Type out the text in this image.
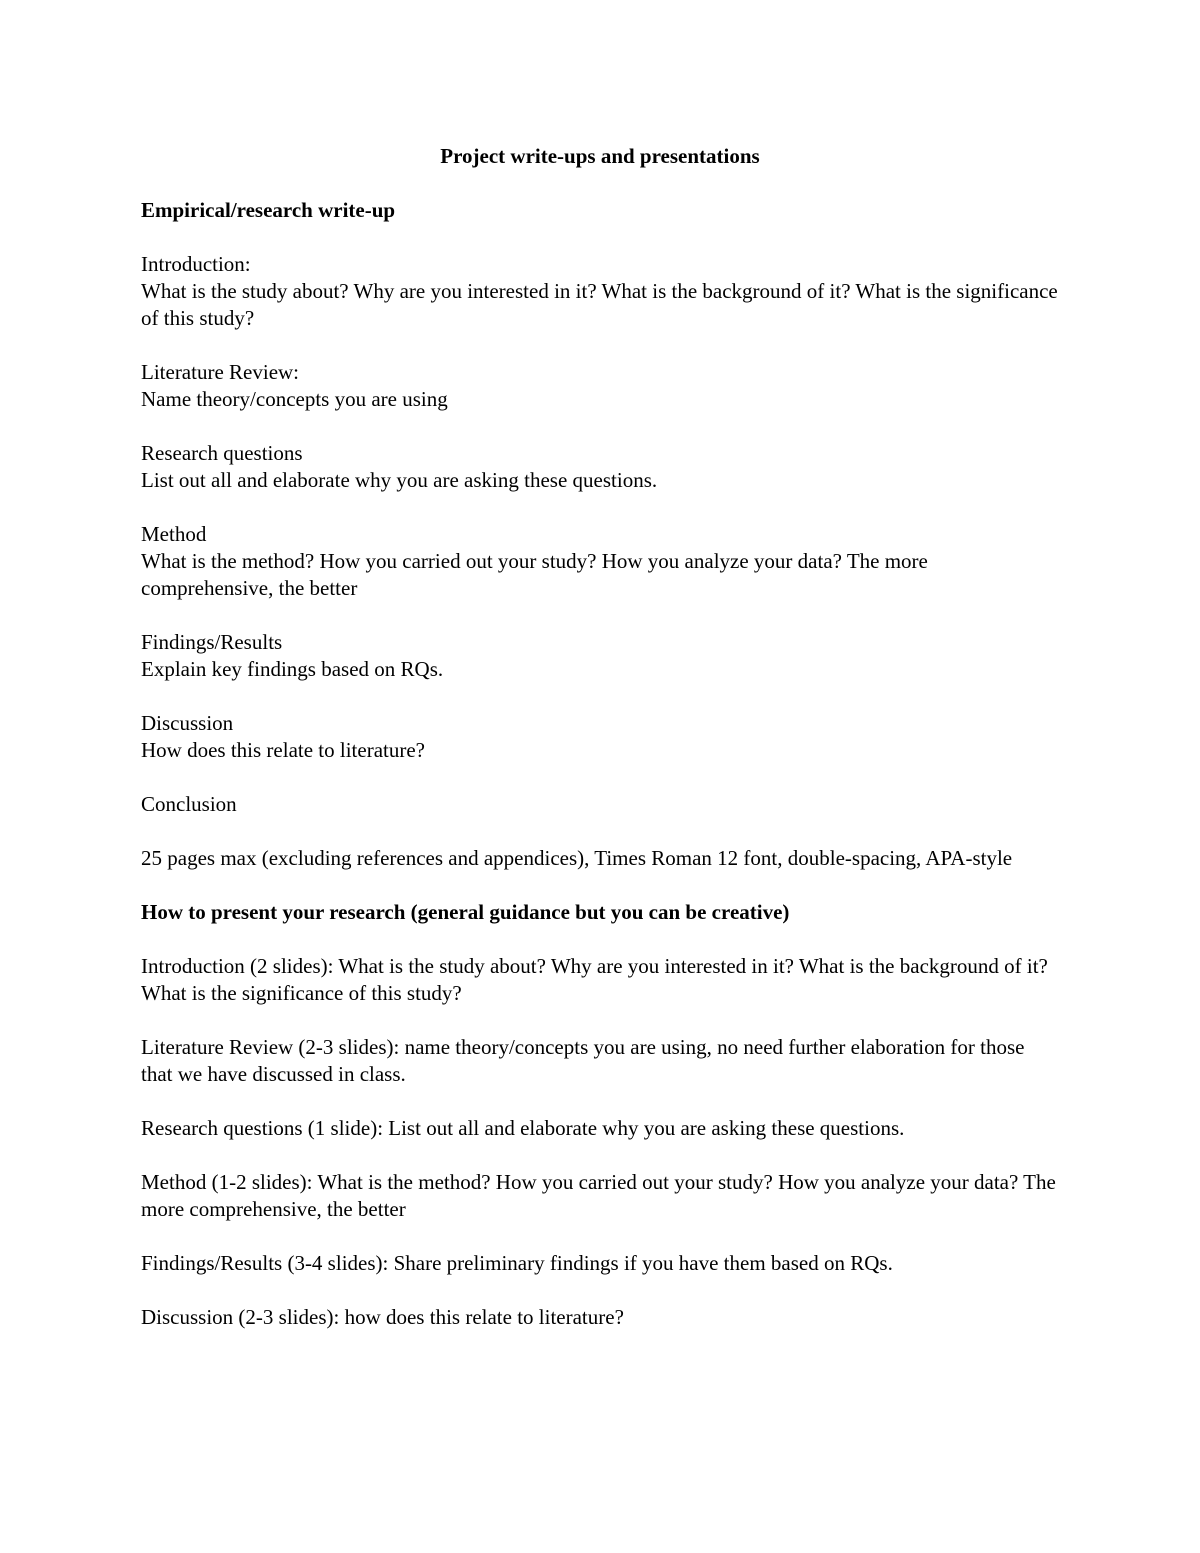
Project write-ups and presentations
Empirical/research write-up

Introduction:

What is the study about? Why are you interested in it? What is the background of it? What is the significance of this study?

Literature Review:

Name theory/concepts you are using

Research questions

List out all and elaborate why you are asking these questions.

Method

What is the method? How you carried out your study? How you analyze your data? The more comprehensive, the better

Findings/Results

Explain key findings based on RQs.

Discussion

How does this relate to literature?

Conclusion

25 pages max (excluding references and appendices), Times Roman 12 font, double-spacing, APA-style

How to present your research (general guidance but you can be creative)

Introduction (2 slides): What is the study about? Why are you interested in it? What is the background of it? What is the significance of this study?

Literature Review (2-3 slides): name theory/concepts you are using, no need further elaboration for those that we have discussed in class.

Research questions (1 slide): List out all and elaborate why you are asking these questions.

Method (1-2 slides): What is the method? How you carried out your study? How you analyze your data? The more comprehensive, the better

Findings/Results (3-4 slides): Share preliminary findings if you have them based on RQs.

Discussion (2-3 slides): how does this relate to literature?
